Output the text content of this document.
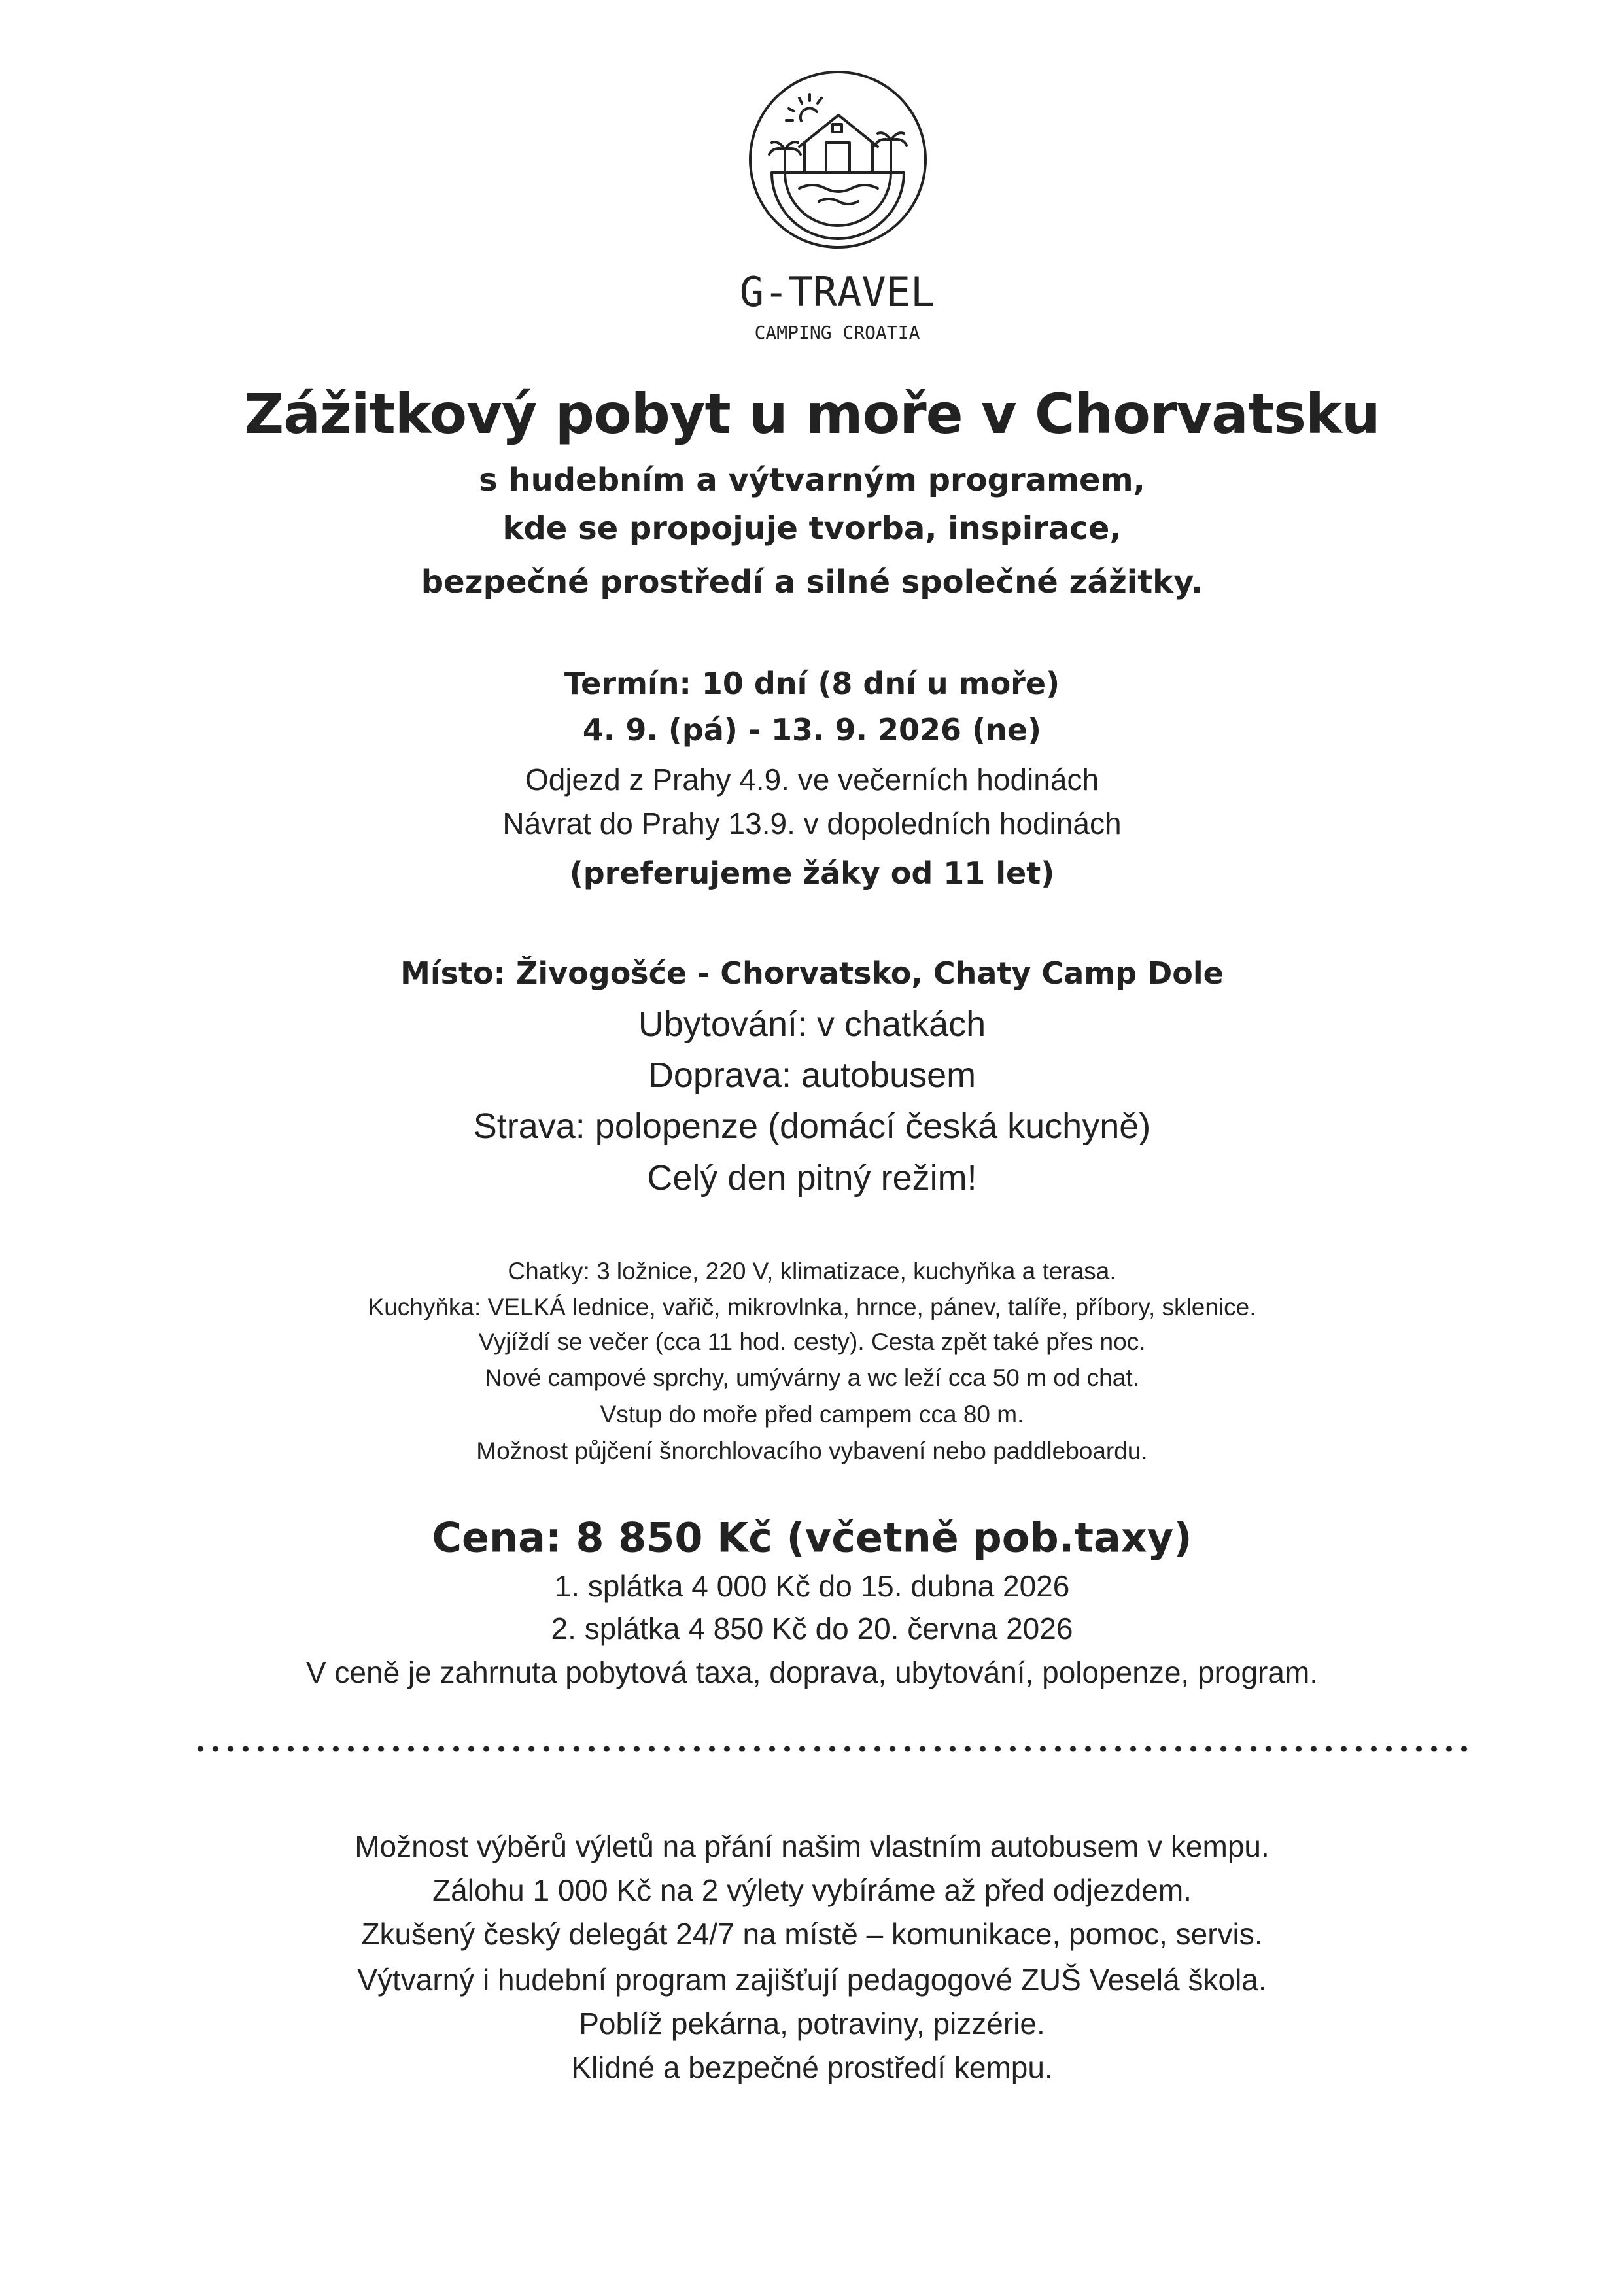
G-TRAVEL
CAMPING CROATIA
Zážitkový pobyt u moře v Chorvatsku
s hudebním a výtvarným programem,
kde se propojuje tvorba, inspirace,
bezpečné prostředí a silné společné zážitky.
Termín: 10 dní (8 dní u moře)
4. 9. (pá) - 13. 9. 2026 (ne)
Odjezd z Prahy 4.9. ve večerních hodinách
Návrat do Prahy 13.9. v dopoledních hodinách
(preferujeme žáky od 11 let)
Místo: Živogošće - Chorvatsko, Chaty Camp Dole
Ubytování: v chatkách
Doprava: autobusem
Strava: polopenze (domácí česká kuchyně)
Celý den pitný režim!
Chatky: 3 ložnice, 220 V, klimatizace, kuchyňka a terasa.
Kuchyňka: VELKÁ lednice, vařič, mikrovlnka, hrnce, pánev, talíře, příbory, sklenice.
Vyjíždí se večer (cca 11 hod. cesty). Cesta zpět také přes noc.
Nové campové sprchy, umývárny a wc leží cca 50 m od chat.
Vstup do moře před campem cca 80 m.
Možnost půjčení šnorchlovacího vybavení nebo paddleboardu.
Cena: 8 850 Kč (včetně pob.taxy)
1. splátka 4 000 Kč do 15. dubna 2026
2. splátka 4 850 Kč do 20. června 2026
V ceně je zahrnuta pobytová taxa, doprava, ubytování, polopenze, program.
Možnost výběrů výletů na přání našim vlastním autobusem v kempu.
Zálohu 1 000 Kč na 2 výlety vybíráme až před odjezdem.
Zkušený český delegát 24/7 na místě – komunikace, pomoc, servis.
Výtvarný i hudební program zajišťují pedagogové ZUŠ Veselá škola.
Poblíž pekárna, potraviny, pizzérie.
Klidné a bezpečné prostředí kempu.
